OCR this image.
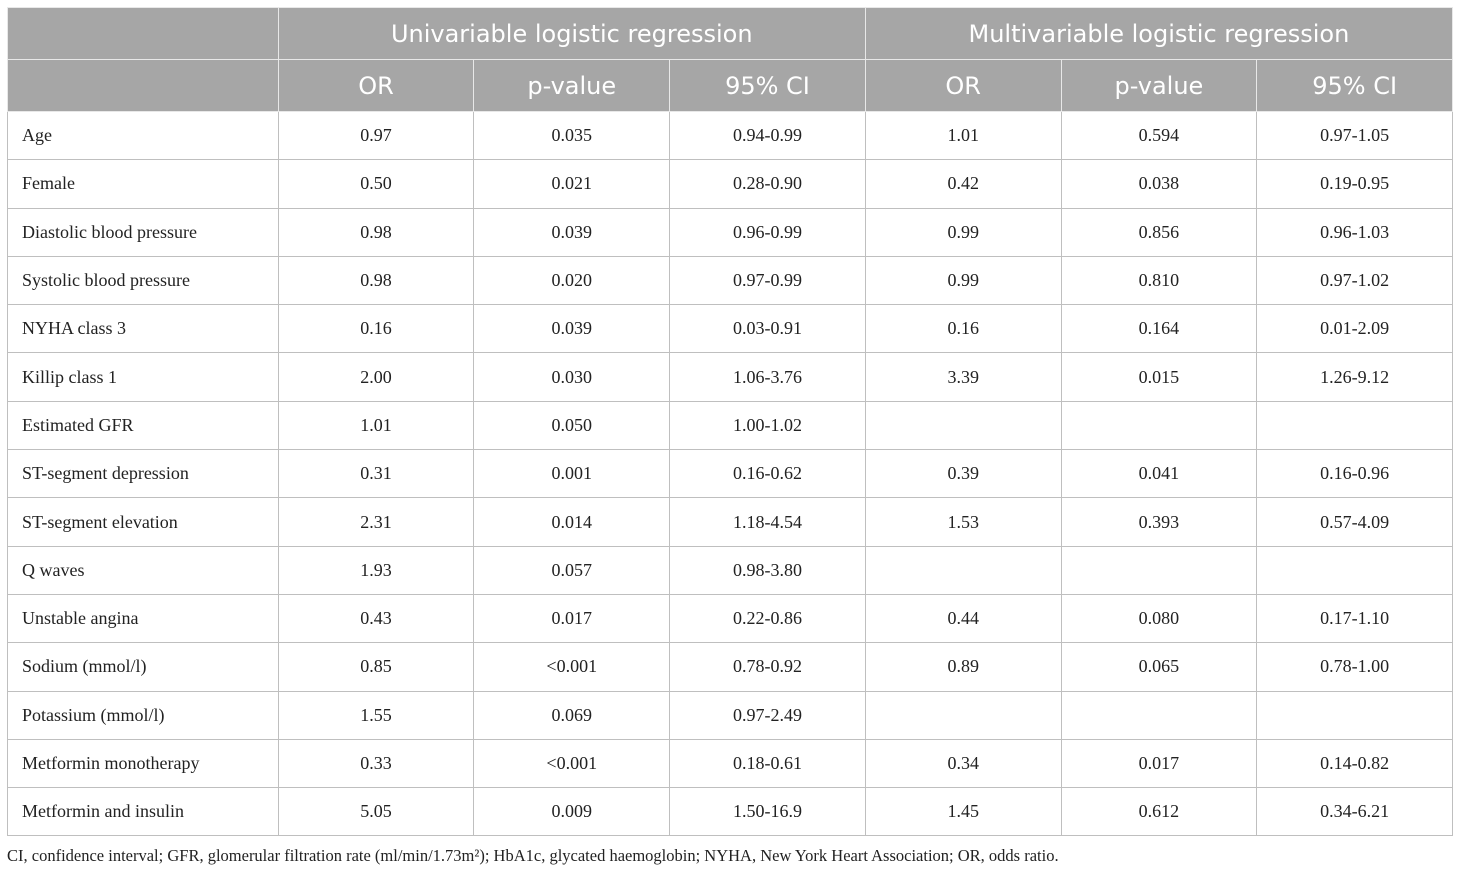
	Univariable logistic regression			Multivariable logistic regression		
	OR	p-value	95% CI	OR	p-value	95% CI
Age	0.97	0.035	0.94-0.99	1.01	0.594	0.97-1.05
Female	0.50	0.021	0.28-0.90	0.42	0.038	0.19-0.95
Diastolic blood pressure	0.98	0.039	0.96-0.99	0.99	0.856	0.96-1.03
Systolic blood pressure	0.98	0.020	0.97-0.99	0.99	0.810	0.97-1.02
NYHA class 3	0.16	0.039	0.03-0.91	0.16	0.164	0.01-2.09
Killip class 1	2.00	0.030	1.06-3.76	3.39	0.015	1.26-9.12
Estimated GFR	1.01	0.050	1.00-1.02			
ST-segment depression	0.31	0.001	0.16-0.62	0.39	0.041	0.16-0.96
ST-segment elevation	2.31	0.014	1.18-4.54	1.53	0.393	0.57-4.09
Q waves	1.93	0.057	0.98-3.80			
Unstable angina	0.43	0.017	0.22-0.86	0.44	0.080	0.17-1.10
Sodium (mmol/l)	0.85	<0.001	0.78-0.92	0.89	0.065	0.78-1.00
Potassium (mmol/l)	1.55	0.069	0.97-2.49			
Metformin monotherapy	0.33	<0.001	0.18-0.61	0.34	0.017	0.14-0.82
Metformin and insulin	5.05	0.009	1.50-16.9	1.45	0.612	0.34-6.21
CI, confidence interval; GFR, glomerular filtration rate (ml/min/1.73m²); HbA1c, glycated haemoglobin; NYHA, New York Heart Association; OR, odds ratio.
